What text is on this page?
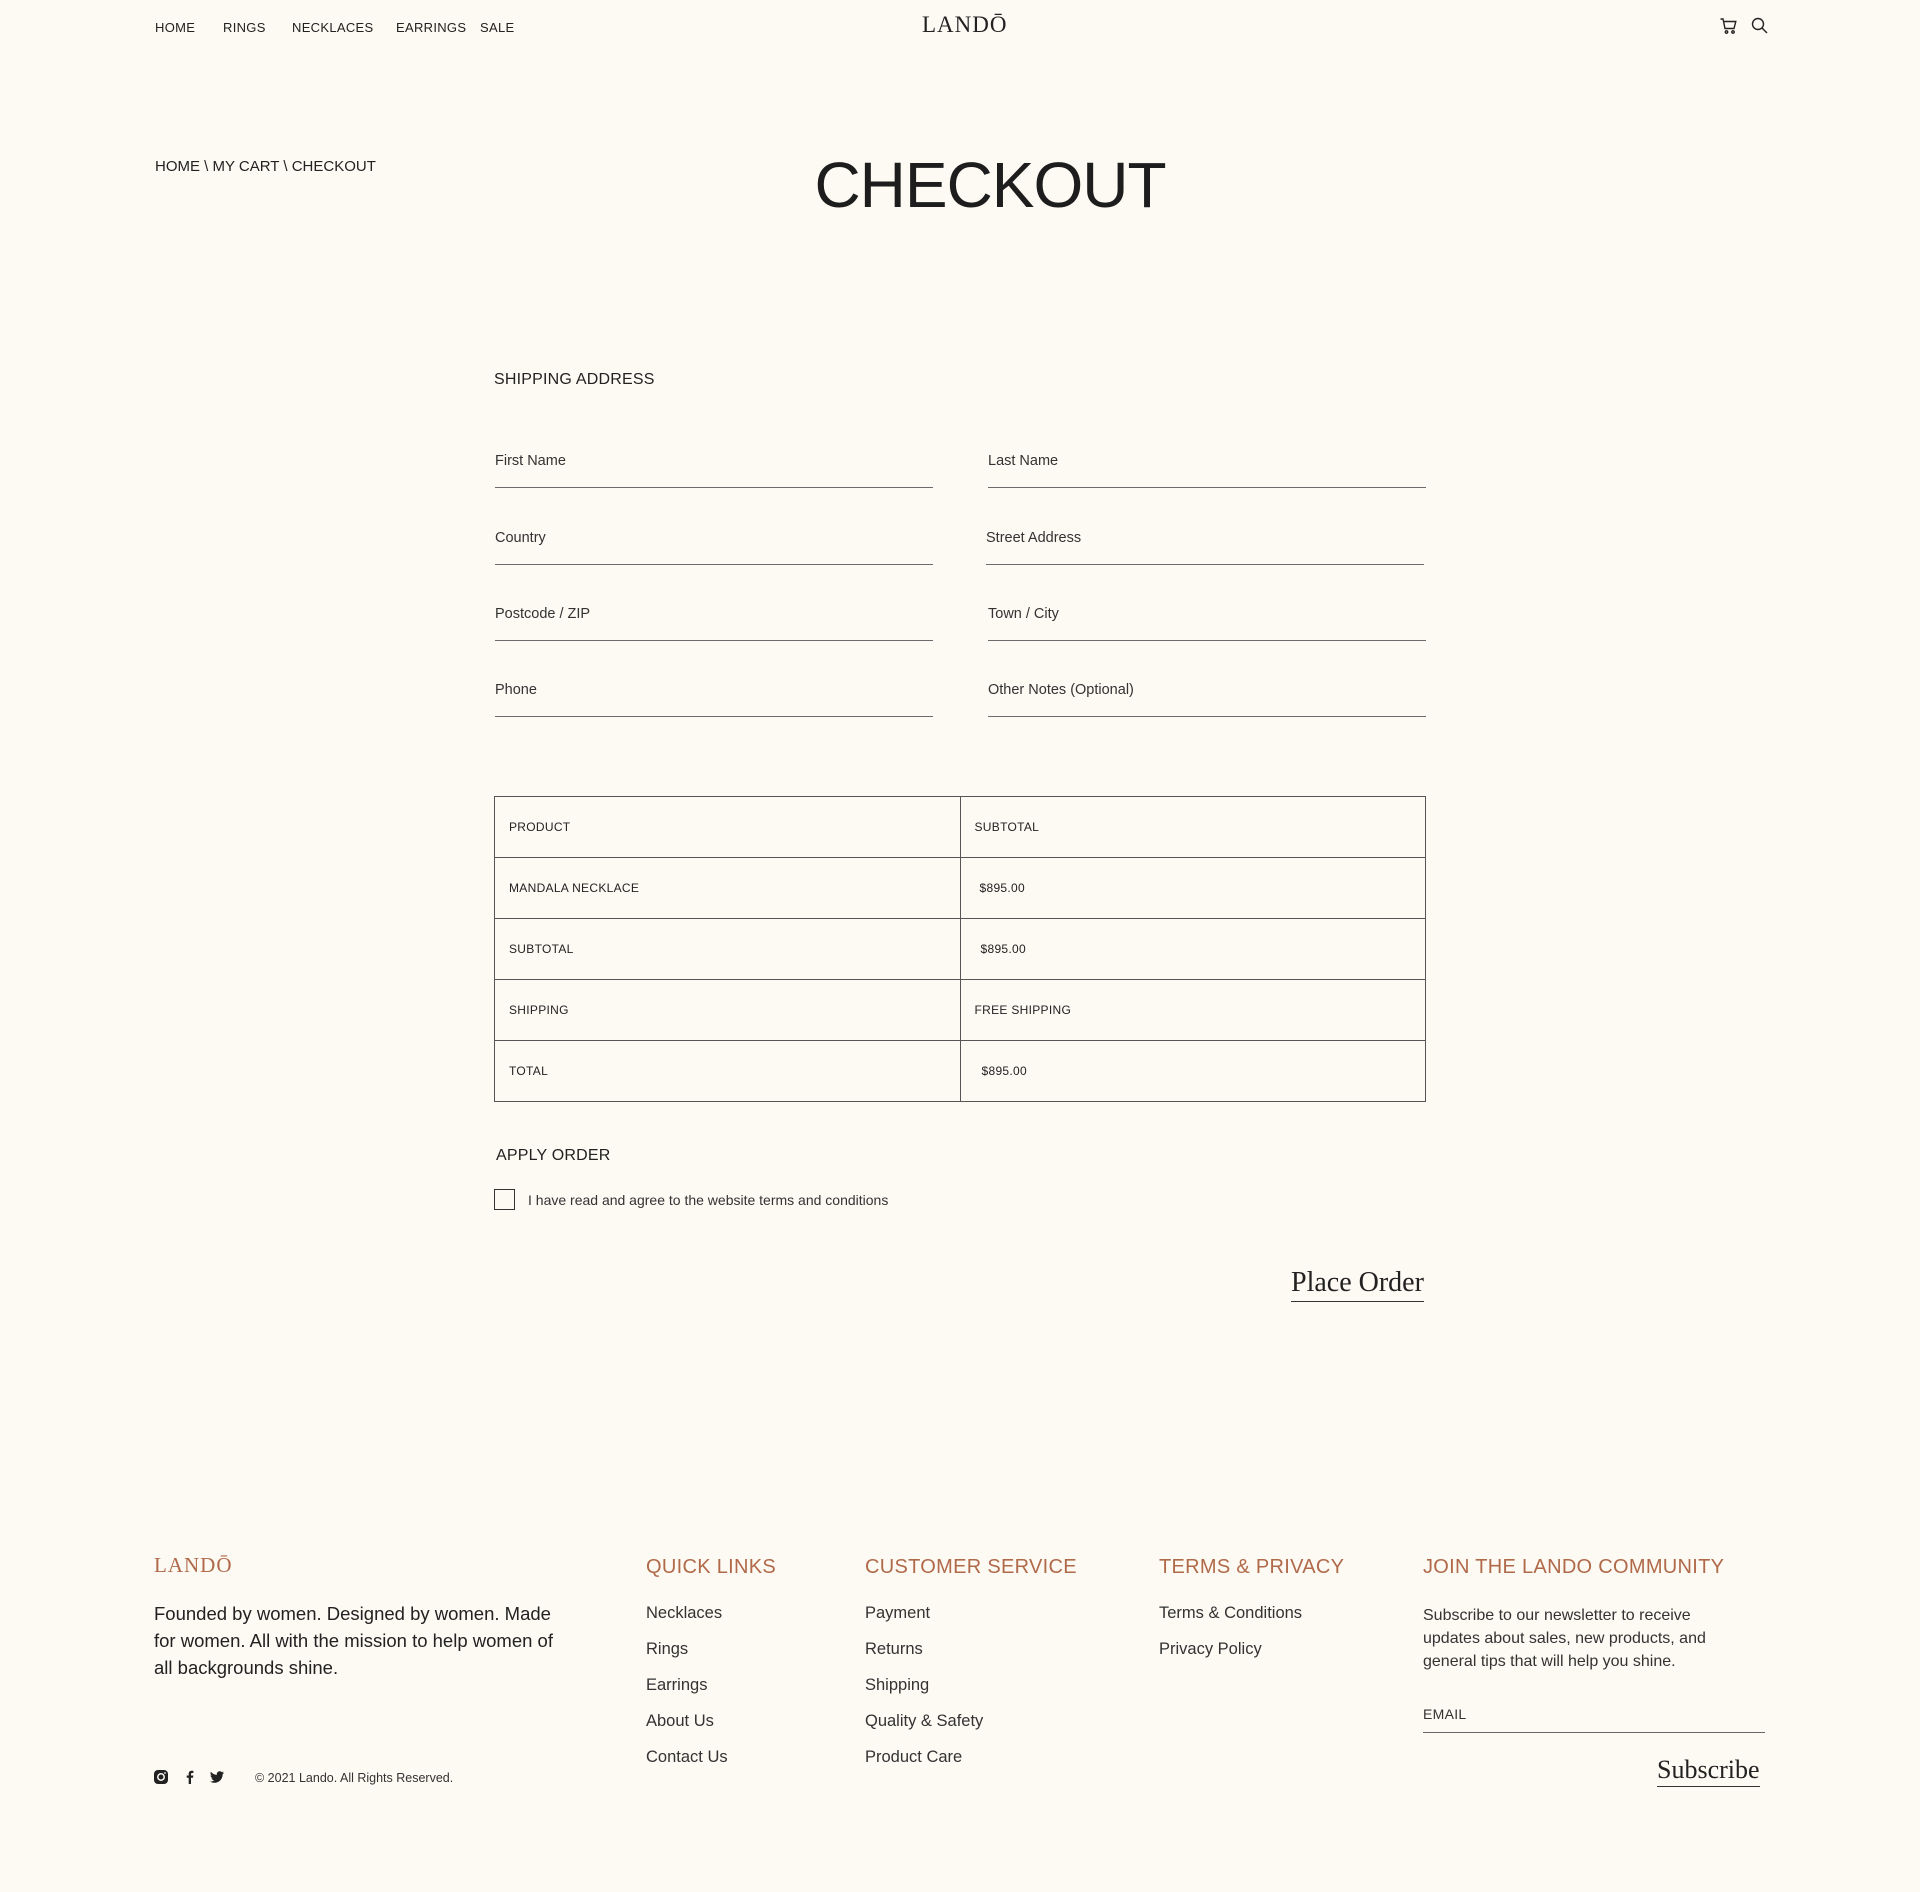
HOME RINGS NECKLACES EARRINGS SALE	LANDŌ
HOME \ MY CART \ CHECKOUT	CHECKOUT
SHIPPING ADDRESS
First Name	Last Name
Country	Street Address
Postcode / ZIP	Town / City
Phone	Other Notes (Optional)
PRODUCT	SUBTOTAL
MANDALA NECKLACE	$895.00
SUBTOTAL	$895.00
SHIPPING	FREE SHIPPING
TOTAL	$895.00
APPLY ORDER
I have read and agree to the website terms and conditions
Place Order
LANDŌ
Founded by women. Designed by women. Made for women. All with the mission to help women of all backgrounds shine.
QUICK LINKS
Necklaces
Rings
Earrings
About Us
Contact Us
CUSTOMER SERVICE
Payment
Returns
Shipping
Quality & Safety
Product Care
TERMS & PRIVACY
Terms & Conditions
Privacy Policy
JOIN THE LANDO COMMUNITY
Subscribe to our newsletter to receive updates about sales, new products, and general tips that will help you shine.
EMAIL
Subscribe
© 2021 Lando. All Rights Reserved.
